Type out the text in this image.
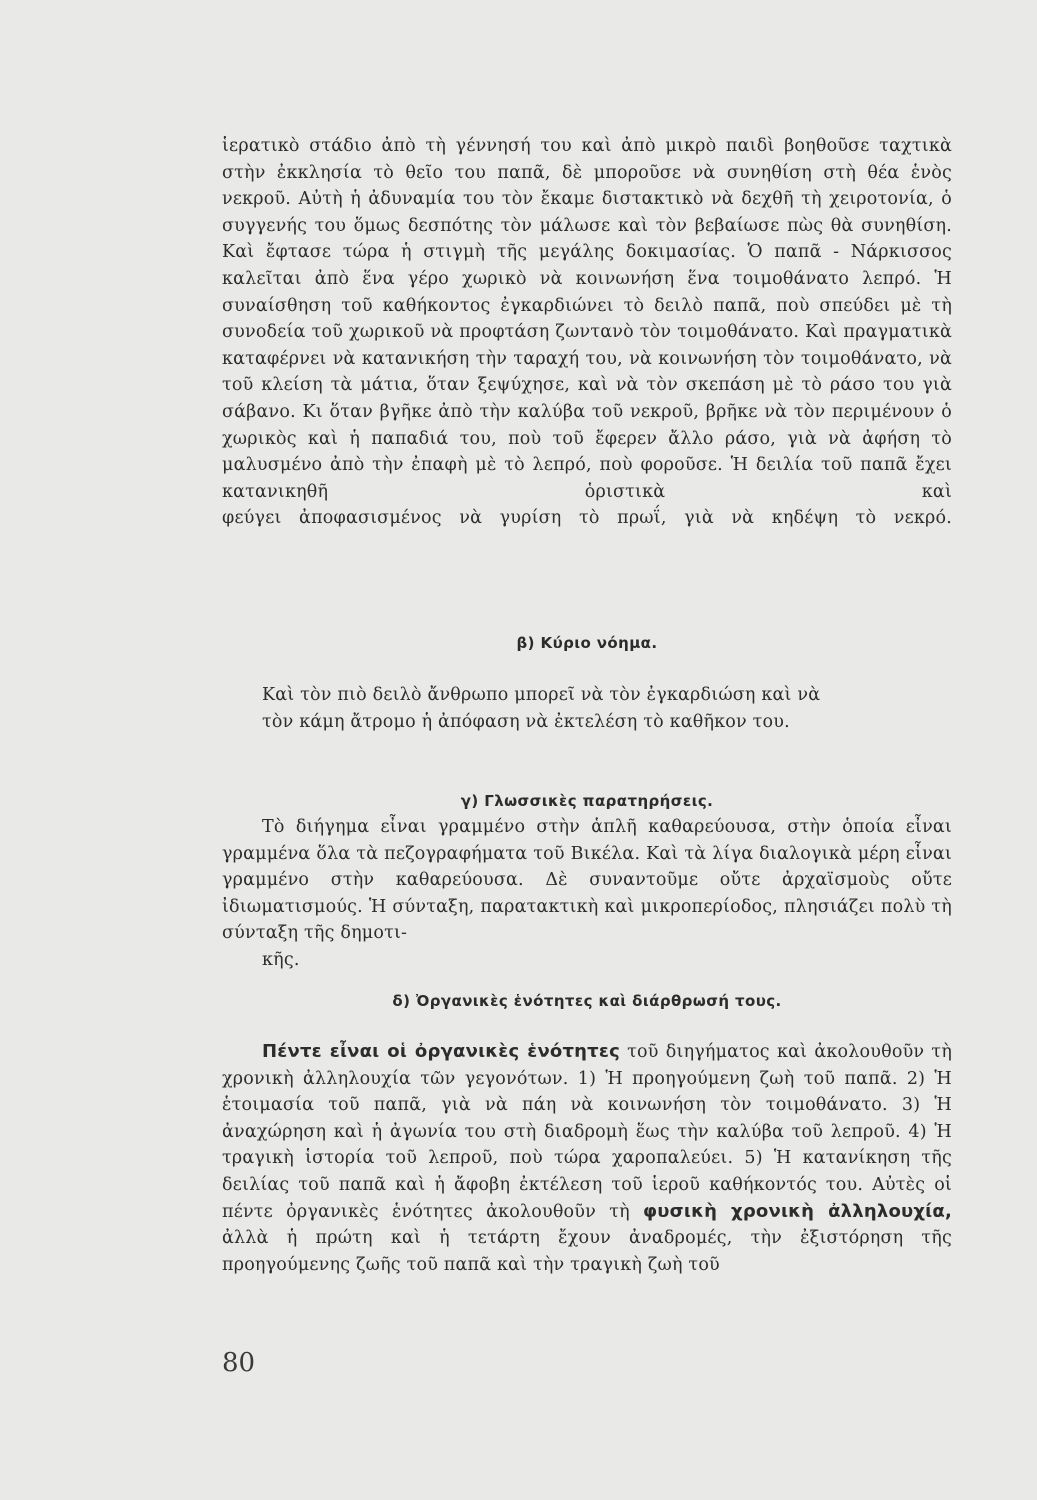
ἱερατικὸ στάδιο ἀπὸ τὴ γέννησή του καὶ ἀπὸ μικρὸ παιδὶ βοηθοῦσε ταχτικὰ στὴν ἐκκλησία τὸ θεῖο του παπᾶ, δὲ μποροῦσε νὰ συνηθίση στὴ θέα ἑνὸς νεκροῦ. Αὐτὴ ἡ ἀδυναμία του τὸν ἔκαμε διστακτικὸ νὰ δεχθῆ τὴ χειροτονία, ὁ συγγενής του ὅμως δεσπότης τὸν μάλωσε καὶ τὸν βεβαίωσε πὼς θὰ συνηθίση. Καὶ ἔφτασε τώρα ἡ στιγμὴ τῆς μεγάλης δοκιμασίας. Ὁ παπᾶ - Νάρκισσος καλεῖται ἀπὸ ἕνα γέρο χωρικὸ νὰ κοινωνήση ἕνα τοιμοθάνατο λεπρό. Ἡ συναίσθηση τοῦ καθήκοντος ἐγκαρδιώνει τὸ δειλὸ παπᾶ, ποὺ σπεύδει μὲ τὴ συνοδεία τοῦ χωρικοῦ νὰ προφτάση ζωντανὸ τὸν τοιμοθάνατο. Καὶ πραγματικὰ καταφέρνει νὰ κατανικήση τὴν ταραχή του, νὰ κοινωνήση τὸν τοιμοθάνατο, νὰ τοῦ κλείση τὰ μάτια, ὅταν ξεψύχησε, καὶ νὰ τὸν σκεπάση μὲ τὸ ράσο του γιὰ σάβανο. Κι ὅταν βγῆκε ἀπὸ τὴν καλύβα τοῦ νεκροῦ, βρῆκε νὰ τὸν περιμένουν ὁ χωρικὸς καὶ ἡ παπαδιά του, ποὺ τοῦ ἔφερεν ἄλλο ράσο, γιὰ νὰ ἀφήση τὸ μαλυσμένο ἀπὸ τὴν ἐπαφὴ μὲ τὸ λεπρό, ποὺ φοροῦσε. Ἡ δειλία τοῦ παπᾶ ἔχει κατανικηθῆ ὁριστικὰ καὶ
φεύγει ἀποφασισμένος νὰ γυρίση τὸ πρωΐ, γιὰ νὰ κηδέψη τὸ νεκρό.

β) Κύριο νόημα.

Καὶ τὸν πιὸ δειλὸ ἄνθρωπο μπορεῖ νὰ τὸν ἐγκαρδιώση καὶ νὰ
τὸν κάμη ἄτρομο ἡ ἀπόφαση νὰ ἐκτελέση τὸ καθῆκον του.

γ) Γλωσσικὲς παρατηρήσεις.

Τὸ διήγημα εἶναι γραμμένο στὴν ἁπλῆ καθαρεύουσα, στὴν ὁποία εἶναι γραμμένα ὅλα τὰ πεζογραφήματα τοῦ Βικέλα. Καὶ τὰ λίγα διαλογικὰ μέρη εἶναι γραμμένο στὴν καθαρεύουσα. Δὲ συναντοῦμε οὔτε ἀρχαϊσμοὺς οὔτε ἰδιωματισμούς. Ἡ σύνταξη, παρατακτικὴ καὶ μικροπερίοδος, πλησιάζει πολὺ τὴ σύνταξη τῆς δημοτι-
κῆς.

δ) Ὀργανικὲς ἑνότητες καὶ διάρθρωσή τους.

Πέντε εἶναι οἱ ὀργανικὲς ἑνότητες τοῦ διηγήματος καὶ ἀκολουθοῦν τὴ χρονικὴ ἀλληλουχία τῶν γεγονότων. 1) Ἡ προηγούμενη ζωὴ τοῦ παπᾶ. 2) Ἡ ἑτοιμασία τοῦ παπᾶ, γιὰ νὰ πάη νὰ κοινωνήση τὸν τοιμοθάνατο. 3) Ἡ ἀναχώρηση καὶ ἡ ἀγωνία του στὴ διαδρομὴ ἕως τὴν καλύβα τοῦ λεπροῦ. 4) Ἡ τραγικὴ ἱστορία τοῦ λεπροῦ, ποὺ τώρα χαροπαλεύει. 5) Ἡ κατανίκηση τῆς δειλίας τοῦ παπᾶ καὶ ἡ ἄφοβη ἐκτέλεση τοῦ ἱεροῦ καθήκοντός του. Αὐτὲς οἱ πέντε ὀργανικὲς ἑνότητες ἀκολουθοῦν τὴ φυσικὴ χρονικὴ ἀλληλουχία, ἀλλὰ ἡ πρώτη καὶ ἡ τετάρτη ἔχουν ἀναδρομές, τὴν ἐξιστόρηση τῆς προηγούμενης ζωῆς τοῦ παπᾶ καὶ τὴν τραγικὴ ζωὴ τοῦ

80
